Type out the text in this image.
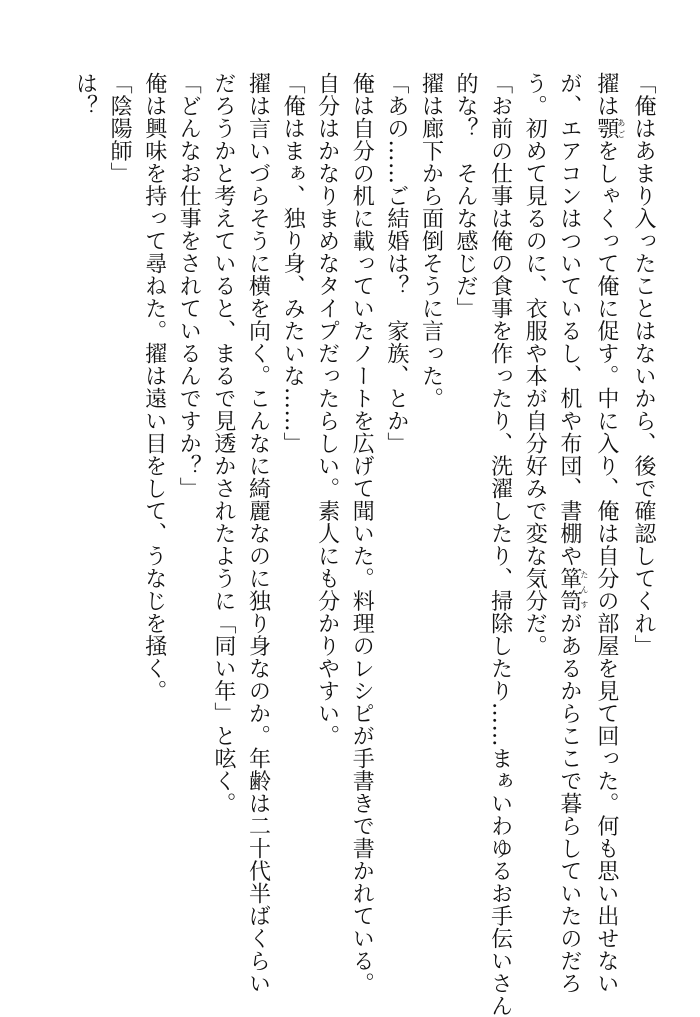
「俺はあまり入ったことはないから、後で確認してくれ」
擢は顎あごをしゃくって俺に促す。中に入り、俺は自分の部屋を見て回った。何も思い出せない
が、エアコンはついているし、机や布団、書棚や箪笥たんすがあるからここで暮らしていたのだろ
う。初めて見るのに、衣服や本が自分好みで変な気分だ。
「お前の仕事は俺の食事を作ったり、洗濯したり、掃除したり……まぁいわゆるお手伝いさん
的な？　そんな感じだ」
擢は廊下から面倒そうに言った。
「あの……ご結婚は？　家族、とか」
俺は自分の机に載っていたノートを広げて聞いた。料理のレシピが手書きで書かれている。
自分はかなりまめなタイプだったらしい。素人にも分かりやすい。
「俺はまぁ、独り身、みたいな……」
擢は言いづらそうに横を向く。こんなに綺麗なのに独り身なのか。年齢は二十代半ばくらい
だろうかと考えていると、まるで見透かされたように「同い年」と呟く。
「どんなお仕事をされているんですか？」
俺は興味を持って尋ねた。擢は遠い目をして、うなじを掻く。
「陰陽師」
は？
